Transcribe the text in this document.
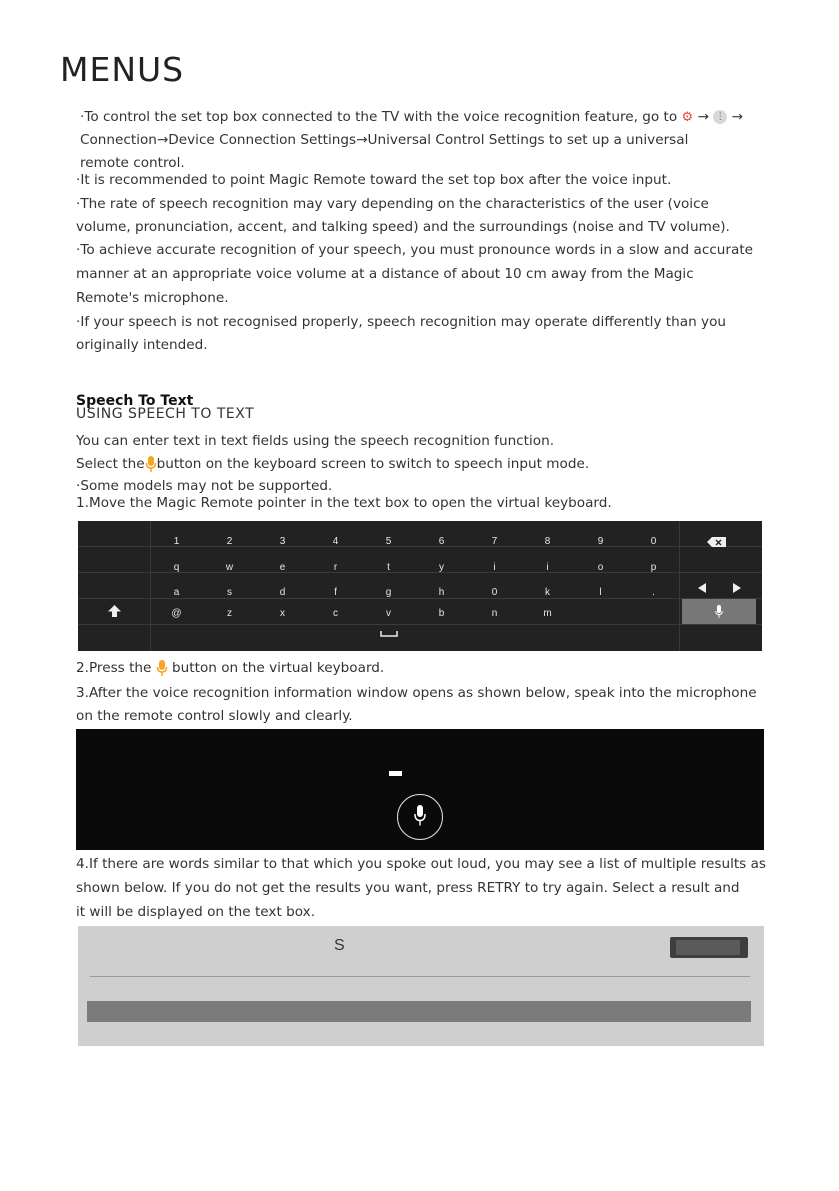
MENUS
·To control the set top box connected to the TV with the voice recognition feature, go to ⚙ → ⋮ →
Connection→Device Connection Settings→Universal Control Settings to set up a universal
remote control.
·It is recommended to point Magic Remote toward the set top box after the voice input.
·The rate of speech recognition may vary depending on the characteristics of the user (voice
volume, pronunciation, accent, and talking speed) and the surroundings (noise and TV volume).
·To achieve accurate recognition of your speech, you must pronounce words in a slow and accurate
manner at an appropriate voice volume at a distance of about 10 cm away from the Magic
Remote's microphone.
·If your speech is not recognised properly, speech recognition may operate differently than you
originally intended.
Speech To Text
USING SPEECH TO TEXT
You can enter text in text fields using the speech recognition function.
Select the button on the keyboard screen to switch to speech input mode.
·Some models may not be supported.
1.Move the Magic Remote pointer in the text box to open the virtual keyboard.
1	2	3	4	5	6	7	8	9	0
q	w	e	r	t	y	i	i	o	p
a	s	d	f	g	h	0	k	l	.
@	z	x	c	v	b	n	m
2.Press the button on the virtual keyboard.
3.After the voice recognition information window opens as shown below, speak into the microphone
on the remote control slowly and clearly.
4.If there are words similar to that which you spoke out loud, you may see a list of multiple results as
shown below. If you do not get the results you want, press RETRY to try again. Select a result and
it will be displayed on the text box.
S
